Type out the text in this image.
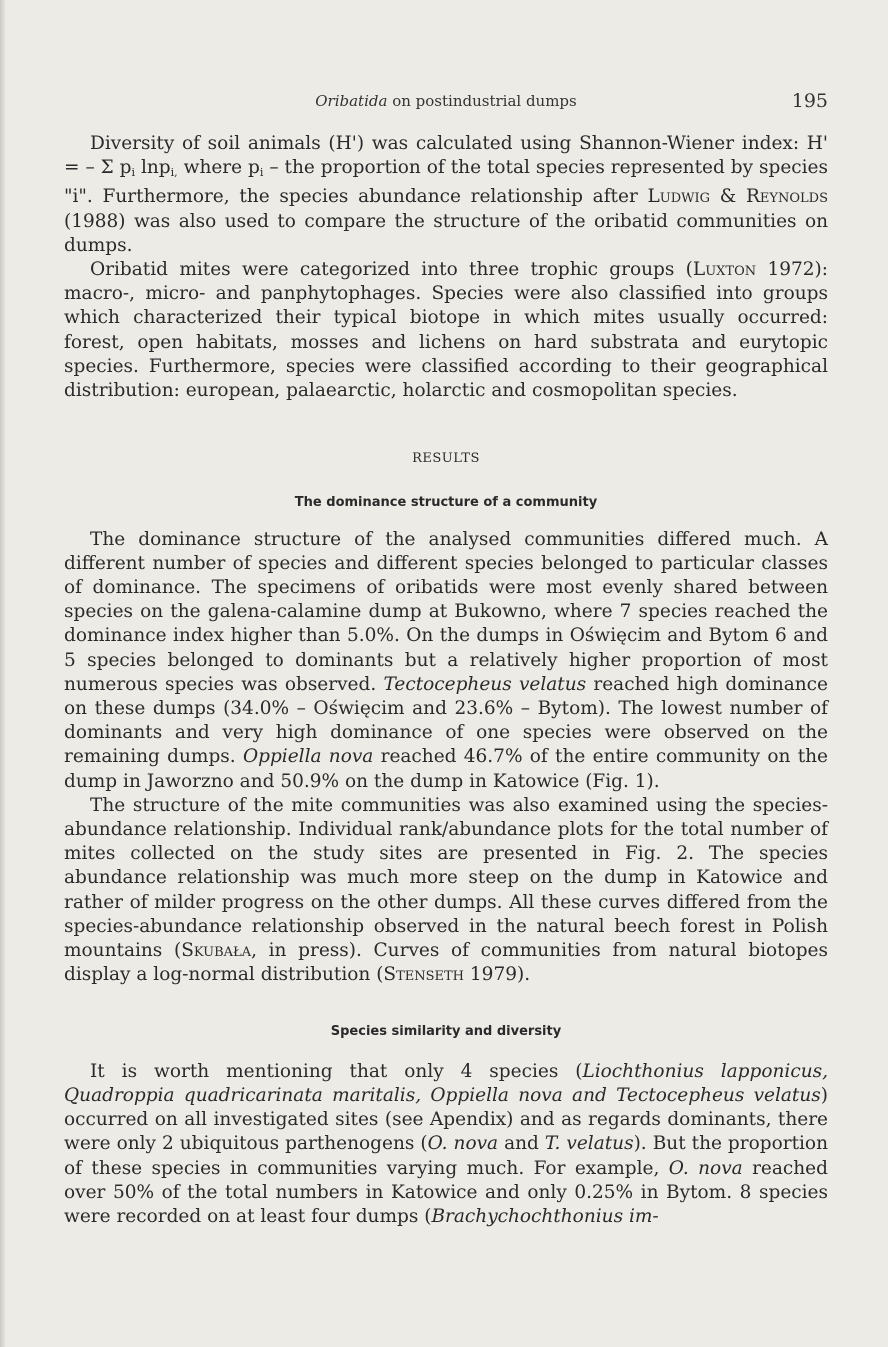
Oribatida on postindustrial dumps	195

Diversity of soil animals (H') was calculated using Shannon-Wiener index: H' = – Σ $p_i$ lnp$_{i,}$ where $p_i$ – the proportion of the total species represented by species "i". Furthermore, the species abundance relationship after Ludwig & Reynolds (1988) was also used to compare the structure of the oribatid communities on dumps.

Oribatid mites were categorized into three trophic groups (Luxton 1972): macro-, micro- and panphytophages. Species were also classified into groups which characterized their typical biotope in which mites usually occurred: forest, open habitats, mosses and lichens on hard substrata and eurytopic species. Furthermore, species were classified according to their geographical distribution: european, palaearctic, holarctic and cosmopolitan species.

RESULTS
The dominance structure of a community

The dominance structure of the analysed communities differed much. A different number of species and different species belonged to particular classes of dominance. The specimens of oribatids were most evenly shared between species on the galena-calamine dump at Bukowno, where 7 species reached the dominance index higher than 5.0%. On the dumps in Oświęcim and Bytom 6 and 5 species belonged to dominants but a relatively higher proportion of most numerous species was observed. Tectocepheus velatus reached high dominance on these dumps (34.0% – Oświęcim and 23.6% – Bytom). The lowest number of dominants and very high dominance of one species were observed on the remaining dumps. Oppiella nova reached 46.7% of the entire community on the dump in Jaworzno and 50.9% on the dump in Katowice (Fig. 1).

The structure of the mite communities was also examined using the species-abundance relationship. Individual rank/abundance plots for the total number of mites collected on the study sites are presented in Fig. 2. The species abundance relationship was much more steep on the dump in Katowice and rather of milder progress on the other dumps. All these curves differed from the species-abundance relationship observed in the natural beech forest in Polish mountains (Skubała, in press). Curves of communities from natural biotopes display a log-normal distribution (Stenseth 1979).

Species similarity and diversity

It is worth mentioning that only 4 species (Liochthonius lapponicus, Quadroppia quadricarinata maritalis, Oppiella nova and Tectocepheus velatus) occurred on all investigated sites (see Apendix) and as regards dominants, there were only 2 ubiquitous parthenogens (O. nova and T. velatus). But the proportion of these species in communities varying much. For example, O. nova reached over 50% of the total numbers in Katowice and only 0.25% in Bytom. 8 species were recorded on at least four dumps (Brachychochthonius im-
